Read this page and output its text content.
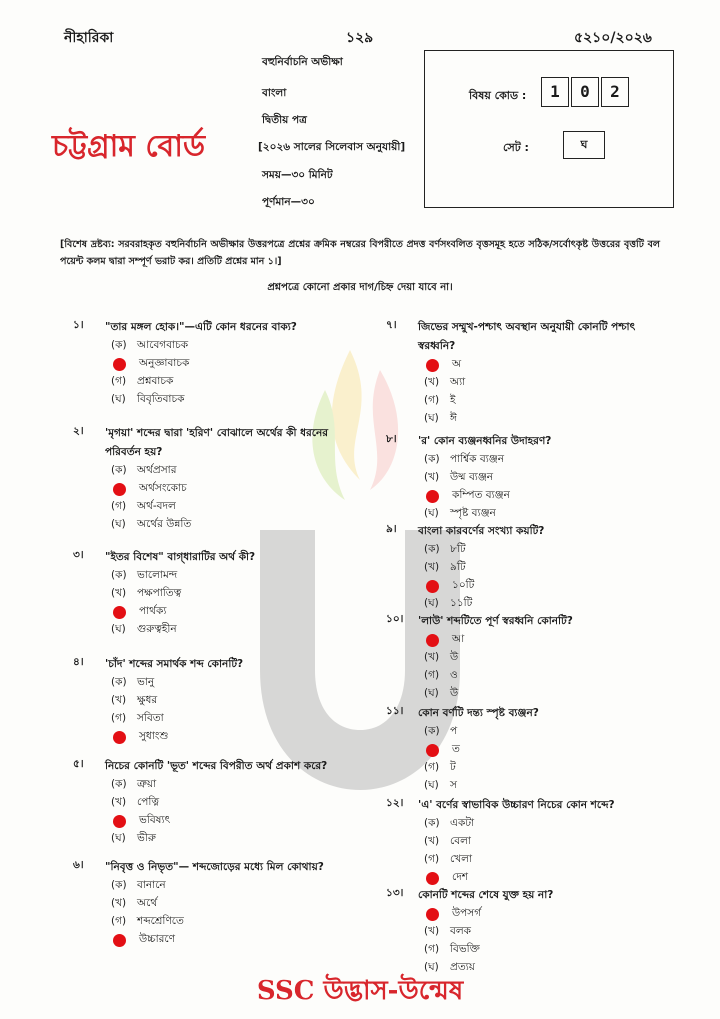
নীহারিকা	১২৯	৫২১০/২০২৬
বহুনির্বাচনি অভীক্ষা
বাংলা
দ্বিতীয় পত্র
[২০২৬ সালের সিলেবাস অনুযায়ী]
সময়—৩০ মিনিট
পূর্ণমান—৩০
চট্টগ্রাম বোর্ড
বিষয় কোড :	1	0	2
সেট :	ঘ
[বিশেষ দ্রষ্টব্য: সরবরাহকৃত বহুনির্বাচনি অভীক্ষার উত্তরপত্রে প্রশ্নের ক্রমিক নম্বরের বিপরীতে প্রদত্ত বর্ণসংবলিত বৃত্তসমূহ হতে সঠিক/সর্বোৎকৃষ্ট উত্তরের বৃত্তটি বল পয়েন্ট কলম দ্বারা সম্পূর্ণ ভরাট কর। প্রতিটি প্রশ্নের মান ১।]
প্রশ্নপত্রে কোনো প্রকার দাগ/চিহ্ন দেয়া যাবে না।
১। "তার মঙ্গল হোক।"—এটি কোন ধরনের বাক্য?
(ক) আবেগবাচক
অনুজ্ঞাবাচক
(গ)	প্রশ্নবাচক
(ঘ)	বিবৃতিবাচক
২। 'মৃগয়া' শব্দের দ্বারা 'হরিণ' বোঝালে অর্থের কী ধরনের পরিবর্তন হয়?
(ক) অর্থপ্রসার
অর্থসংকোচ
(গ)	অর্থ-বদল
(ঘ)	অর্থের উন্নতি
৩। "ইতর বিশেষ" বাগ্‌ধারাটির অর্থ কী?
(ক) ভালোমন্দ
(খ)	পক্ষপাতিত্ব
পার্থক্য
(ঘ)	গুরুত্বহীন
৪। 'চাঁদ' শব্দের সমার্থক শব্দ কোনটি?
(ক) ভানু
(খ)	ক্ষুধর
(গ)	সবিতা
সুধাংশু
৫। নিচের কোনটি 'ভূত' শব্দের বিপরীত অর্থ প্রকাশ করে?
(ক) ত্রুয়া
(খ)	পেত্নি
ভবিষ্যৎ
(ঘ)	ভীরু
৬। "নিবৃত্ত ও নিভৃত"— শব্দজোড়ের মধ্যে মিল কোথায়?
(ক) বানানে
(খ)	অর্থে
(গ)	শব্দশ্রেণিতে
উচ্চারণে
৭। জিভের সম্মুখ-পশ্চাৎ অবস্থান অনুযায়ী কোনটি পশ্চাৎ স্বরধ্বনি?
অ
(খ)	অ্যা
(গ)	ই
(ঘ)	ঈ
৮। 'র' কোন ব্যঞ্জনধ্বনির উদাহরণ?
(ক) পার্শ্বিক ব্যঞ্জন
(খ)	উষ্ম ব্যঞ্জন
কম্পিত ব্যঞ্জন
(ঘ)	স্পৃষ্ট ব্যঞ্জন
৯। বাংলা কারবর্ণের সংখ্যা কয়টি?
(ক) ৮টি
(খ)	৯টি
১০টি
(ঘ)	১১টি
১০। 'লাউ' শব্দটিতে পূর্ণ স্বরধ্বনি কোনটি?
আ
(খ)	উ
(গ)	ও
(ঘ)	উ
১১। কোন বর্ণটি দন্ত্য স্পৃষ্ট ব্যঞ্জন?
(ক) প
ত
(গ)	ট
(ঘ)	স
১২। 'এ' বর্ণের স্বাভাবিক উচ্চারণ নিচের কোন শব্দে?
(ক) একটা
(খ)	বেলা
(গ)	খেলা
দেশ
১৩। কোনটি শব্দের শেষে যুক্ত হয় না?
উপসর্গ
(খ)	বলক
(গ)	বিভক্তি
(ঘ)	প্রত্যয়
SSC উদ্ভাস-উন্মেষ
